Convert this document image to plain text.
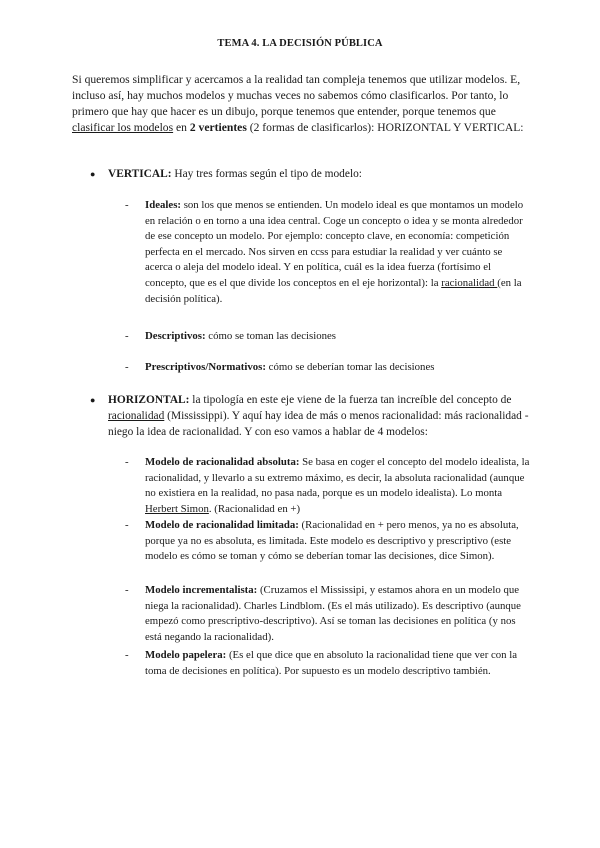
TEMA 4. LA DECISIÓN PÚBLICA
Si queremos simplificar y acercamos a la realidad tan compleja tenemos que utilizar modelos. E, incluso así, hay muchos modelos y muchas veces no sabemos cómo clasificarlos. Por tanto, lo primero que hay que hacer es un dibujo, porque tenemos que entender, porque tenemos que clasificar los modelos en 2 vertientes (2 formas de clasificarlos): HORIZONTAL Y VERTICAL:
●	VERTICAL: Hay tres formas según el tipo de modelo:
-	Ideales: son los que menos se entienden. Un modelo ideal es que montamos un modelo en relación o en torno a una idea central. Coge un concepto o idea y se monta alrededor de ese concepto un modelo. Por ejemplo: concepto clave, en economía: competición perfecta en el mercado. Nos sirven en ccss para estudiar la realidad y ver cuánto se acerca o aleja del modelo ideal. Y en política, cuál es la idea fuerza (fortísimo el concepto, que es el que divide los conceptos en el eje horizontal): la racionalidad (en la decisión política).
-	Descriptivos: cómo se toman las decisiones
-	Prescriptivos/Normativos: cómo se deberían tomar las decisiones
●	HORIZONTAL: la tipología en este eje viene de la fuerza tan increíble del concepto de racionalidad (Mississippi). Y aquí hay idea de más o menos racionalidad: más racionalidad - niego la idea de racionalidad. Y con eso vamos a hablar de 4 modelos:
-	Modelo de racionalidad absoluta: Se basa en coger el concepto del modelo idealista, la racionalidad, y llevarlo a su extremo máximo, es decir, la absoluta racionalidad (aunque no existiera en la realidad, no pasa nada, porque es un modelo idealista). Lo monta Herbert Simon. (Racionalidad en +)
-	Modelo de racionalidad limitada: (Racionalidad en + pero menos, ya no es absoluta, porque ya no es absoluta, es limitada. Este modelo es descriptivo y prescriptivo (este modelo es cómo se toman y cómo se deberían tomar las decisiones, dice Simon).
-	Modelo incrementalista: (Cruzamos el Mississipi, y estamos ahora en un modelo que niega la racionalidad). Charles Lindblom. (Es el más utilizado). Es descriptivo (aunque empezó como prescriptivo-descriptivo). Así se toman las decisiones en política (y nos está negando la racionalidad).
-	Modelo papelera: (Es el que dice que en absoluto la racionalidad tiene que ver con la toma de decisiones en política). Por supuesto es un modelo descriptivo también.
